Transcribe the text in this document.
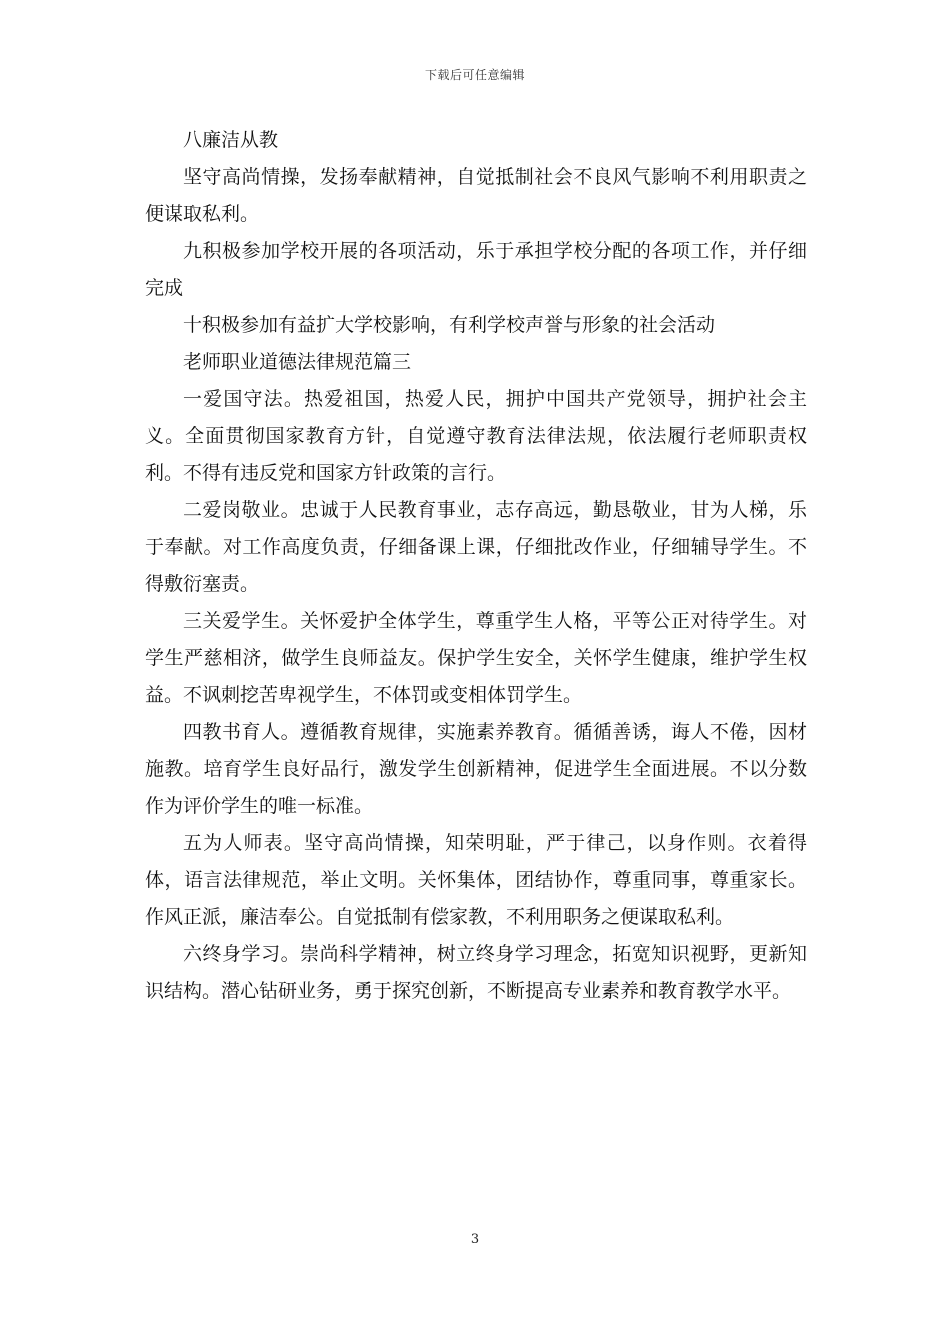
下载后可任意编辑

八廉洁从教

坚守高尚情操，发扬奉献精神，自觉抵制社会不良风气影响不利用职责之便谋取私利。

九积极参加学校开展的各项活动，乐于承担学校分配的各项工作，并仔细完成

十积极参加有益扩大学校影响，有利学校声誉与形象的社会活动

老师职业道德法律规范篇三

一爱国守法。热爱祖国，热爱人民，拥护中国共产党领导，拥护社会主义。全面贯彻国家教育方针，自觉遵守教育法律法规，依法履行老师职责权利。不得有违反党和国家方针政策的言行。

二爱岗敬业。忠诚于人民教育事业，志存高远，勤恳敬业，甘为人梯，乐于奉献。对工作高度负责，仔细备课上课，仔细批改作业，仔细辅导学生。不得敷衍塞责。

三关爱学生。关怀爱护全体学生，尊重学生人格，平等公正对待学生。对学生严慈相济，做学生良师益友。保护学生安全，关怀学生健康，维护学生权益。不讽刺挖苦卑视学生，不体罚或变相体罚学生。

四教书育人。遵循教育规律，实施素养教育。循循善诱，诲人不倦，因材施教。培育学生良好品行，激发学生创新精神，促进学生全面进展。不以分数作为评价学生的唯一标准。

五为人师表。坚守高尚情操，知荣明耻，严于律己，以身作则。衣着得体，语言法律规范，举止文明。关怀集体，团结协作，尊重同事，尊重家长。作风正派，廉洁奉公。自觉抵制有偿家教，不利用职务之便谋取私利。

六终身学习。崇尚科学精神，树立终身学习理念，拓宽知识视野，更新知识结构。潜心钻研业务，勇于探究创新，不断提高专业素养和教育教学水平。

3
